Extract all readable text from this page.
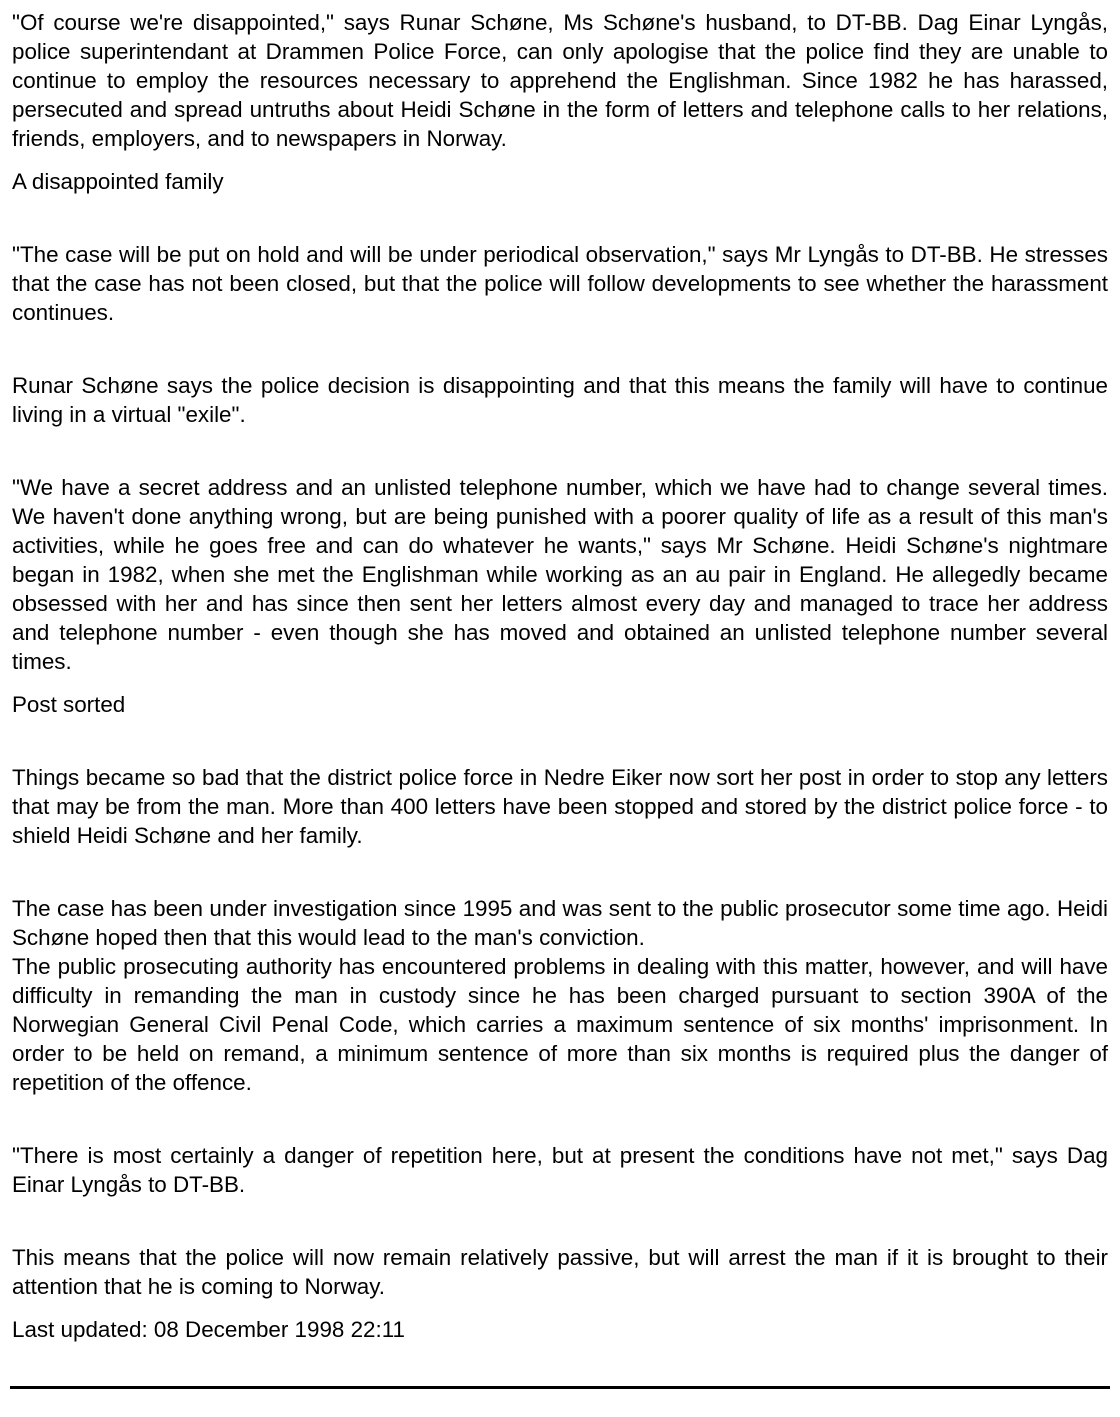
"Of course we're disappointed," says Runar Schøne, Ms Schøne's husband, to DT-BB. Dag Einar Lyngås, police superintendant at Drammen Police Force, can only apologise that the police find they are unable to continue to employ the resources necessary to apprehend the Englishman. Since 1982 he has harassed, persecuted and spread untruths about Heidi Schøne in the form of letters and telephone calls to her relations, friends, employers, and to newspapers in Norway.

A disappointed family

"The case will be put on hold and will be under periodical observation," says Mr Lyngås to DT-BB. He stresses that the case has not been closed, but that the police will follow developments to see whether the harassment continues.

Runar Schøne says the police decision is disappointing and that this means the family will have to continue living in a virtual "exile".

"We have a secret address and an unlisted telephone number, which we have had to change several times. We haven't done anything wrong, but are being punished with a poorer quality of life as a result of this man's activities, while he goes free and can do whatever he wants," says Mr Schøne. Heidi Schøne's nightmare began in 1982, when she met the Englishman while working as an au pair in England. He allegedly became obsessed with her and has since then sent her letters almost every day and managed to trace her address and telephone number - even though she has moved and obtained an unlisted telephone number several times.

Post sorted

Things became so bad that the district police force in Nedre Eiker now sort her post in order to stop any letters that may be from the man. More than 400 letters have been stopped and stored by the district police force - to shield Heidi Schøne and her family.

The case has been under investigation since 1995 and was sent to the public prosecutor some time ago. Heidi Schøne hoped then that this would lead to the man's conviction.

The public prosecuting authority has encountered problems in dealing with this matter, however, and will have difficulty in remanding the man in custody since he has been charged pursuant to section 390A of the Norwegian General Civil Penal Code, which carries a maximum sentence of six months' imprisonment. In order to be held on remand, a minimum sentence of more than six months is required plus the danger of repetition of the offence.

"There is most certainly a danger of repetition here, but at present the conditions have not met," says Dag Einar Lyngås to DT-BB.

This means that the police will now remain relatively passive, but will arrest the man if it is brought to their attention that he is coming to Norway.

Last updated: 08 December 1998 22:11
